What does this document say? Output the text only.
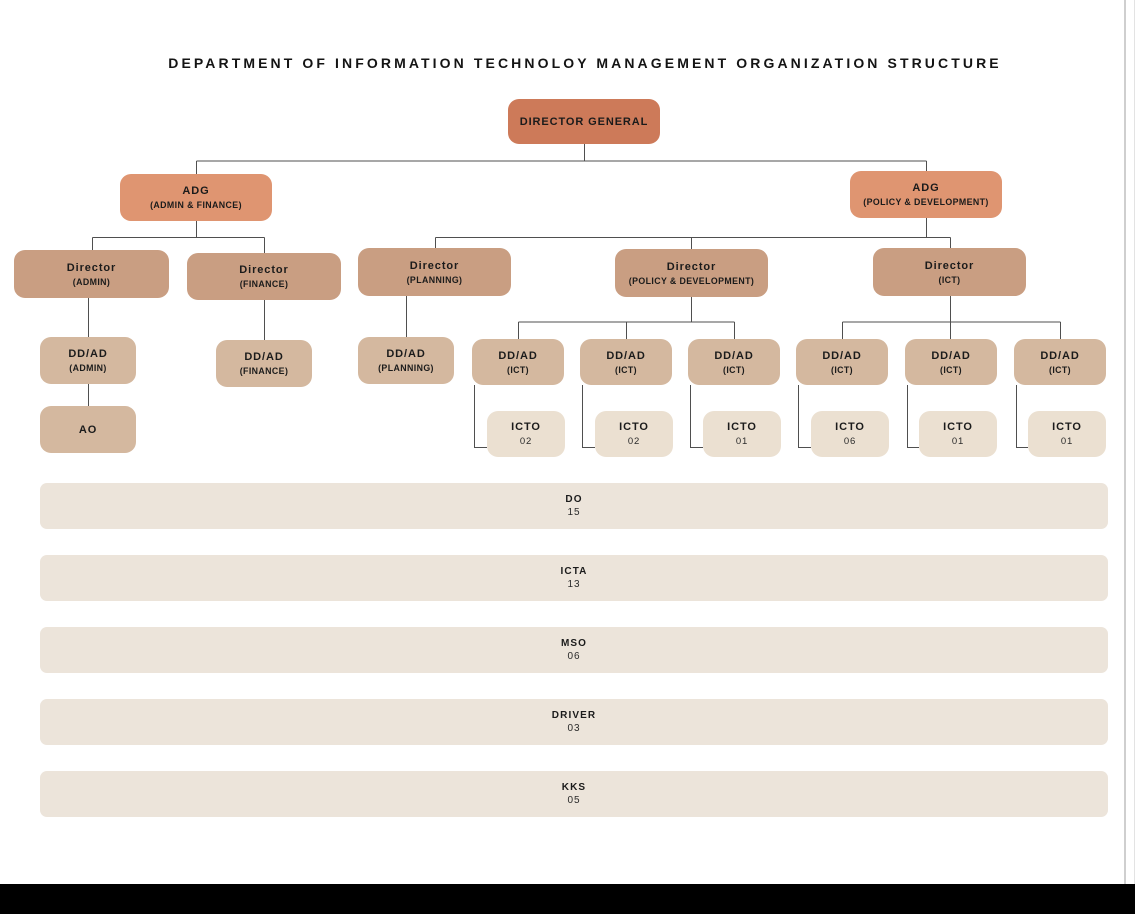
DEPARTMENT OF INFORMATION TECHNOLOY MANAGEMENT ORGANIZATION STRUCTURE
DIRECTOR GENERAL
ADG
(ADMIN & FINANCE)
ADG
(POLICY & DEVELOPMENT)
Director
(ADMIN)
Director
(FINANCE)
Director
(PLANNING)
Director
(POLICY & DEVELOPMENT)
Director
(ICT)
DD/AD
(ADMIN)
DD/AD
(FINANCE)
DD/AD
(PLANNING)
DD/AD
(ICT)
DD/AD
(ICT)
DD/AD
(ICT)
DD/AD
(ICT)
DD/AD
(ICT)
DD/AD
(ICT)
AO	ICTO
02
ICTO
02
ICTO
01
ICTO
06
ICTO
01
ICTO
01
DO
15
ICTA
13
MSO
06
DRIVER
03
KKS
05
